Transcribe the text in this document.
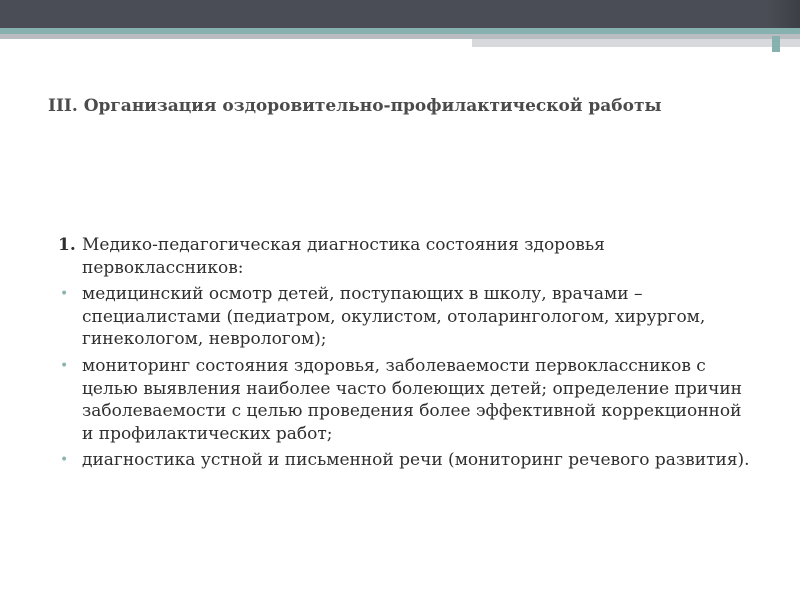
III. Организация оздоровительно-профилактической работы
1. Медико-педагогическая диагностика состояния здоровья первоклассников:
• медицинский осмотр детей, поступающих в школу, врачами – специалистами (педиатром, окулистом, отоларингологом, хирургом, гинекологом, неврологом);
• мониторинг состояния здоровья, заболеваемости первоклассников с целью выявления наиболее часто болеющих детей; определение причин заболеваемости с целью проведения более эффективной коррекционной и профилактических работ;
• диагностика устной и письменной речи (мониторинг речевого развития).
